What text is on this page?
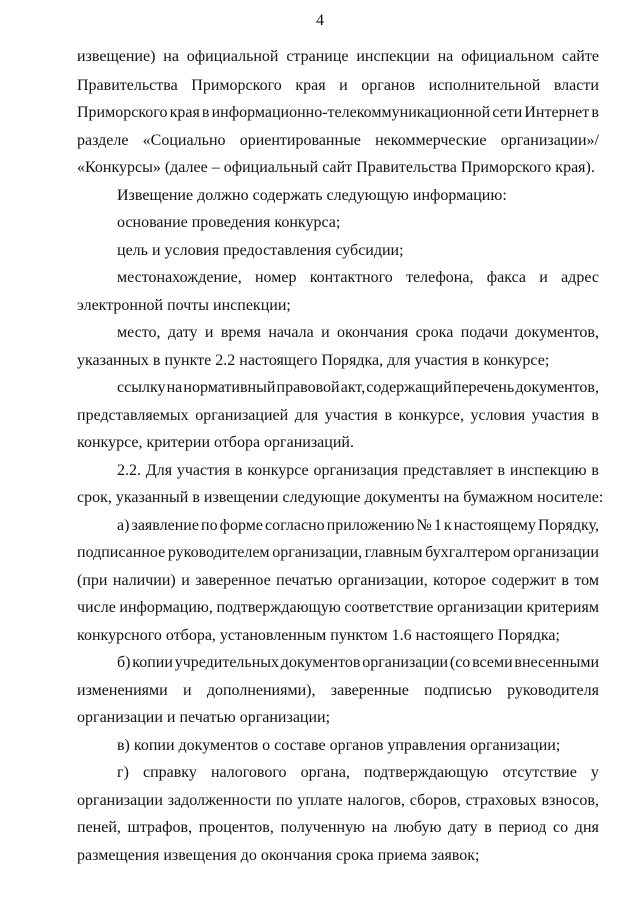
4
извещение) на официальной странице инспекции на официальном сайте
Правительства Приморского края и органов исполнительной власти
Приморского края в информационно-телекоммуникационной сети Интернет в
разделе «Социально ориентированные некоммерческие организации»/
«Конкурсы» (далее – официальный сайт Правительства Приморского края).
Извещение должно содержать следующую информацию:
основание проведения конкурса;
цель и условия предоставления субсидии;
местонахождение, номер контактного телефона, факса и адрес
электронной почты инспекции;
место, дату и время начала и окончания срока подачи документов,
указанных в пункте 2.2 настоящего Порядка, для участия в конкурсе;
ссылку на нормативный правовой акт, содержащий перечень документов,
представляемых организацией для участия в конкурсе, условия участия в
конкурсе, критерии отбора организаций.
2.2. Для участия в конкурсе организация представляет в инспекцию в
срок, указанный в извещении следующие документы на бумажном носителе:
а) заявление по форме согласно приложению № 1 к настоящему Порядку,
подписанное руководителем организации, главным бухгалтером организации
(при наличии) и заверенное печатью организации, которое содержит в том
числе информацию, подтверждающую соответствие организации критериям
конкурсного отбора, установленным пунктом 1.6 настоящего Порядка;
б) копии учредительных документов организации (со всеми внесенными
изменениями и дополнениями), заверенные подписью руководителя
организации и печатью организации;
в) копии документов о составе органов управления организации;
г) справку налогового органа, подтверждающую отсутствие у
организации задолженности по уплате налогов, сборов, страховых взносов,
пеней, штрафов, процентов, полученную на любую дату в период со дня
размещения извещения до окончания срока приема заявок;
